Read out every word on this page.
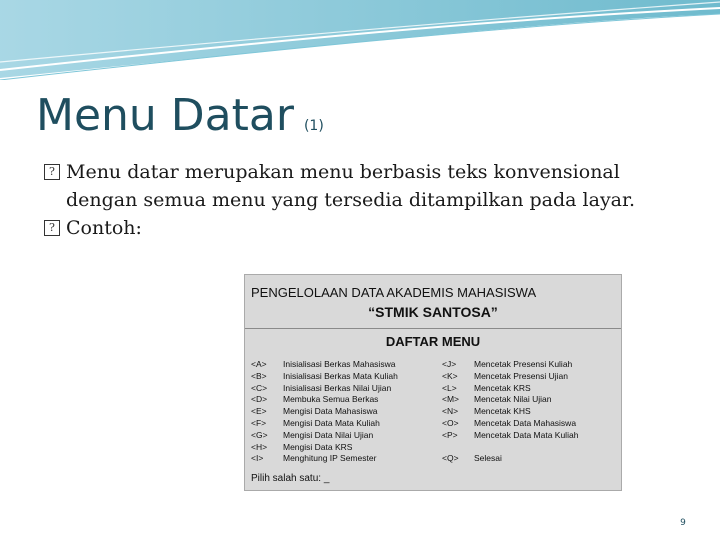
Menu Datar (1)
? Menu datar merupakan menu berbasis teks konvensional dengan semua menu yang tersedia ditampilkan pada layar.
? Contoh:
PENGELOLAAN DATA AKADEMIS MAHASISWA
“STMIK SANTOSA”
DAFTAR MENU
<A> Inisialisasi Berkas Mahasiswa
<B> Inisialisasi Berkas Mata Kuliah
<C> Inisialisasi Berkas Nilai Ujian
<D> Membuka Semua Berkas
<E> Mengisi Data Mahasiswa
<F> Mengisi Data Mata Kuliah
<G> Mengisi Data Nilai Ujian
<H> Mengisi Data KRS
<I> Menghitung IP Semester
<J> Mencetak Presensi Kuliah
<K> Mencetak Presensi Ujian
<L> Mencetak KRS
<M> Mencetak Nilai Ujian
<N> Mencetak KHS
<O> Mencetak Data Mahasiswa
<P> Mencetak Data Mata Kuliah

<Q> Selesai
Pilih salah satu: _
9
